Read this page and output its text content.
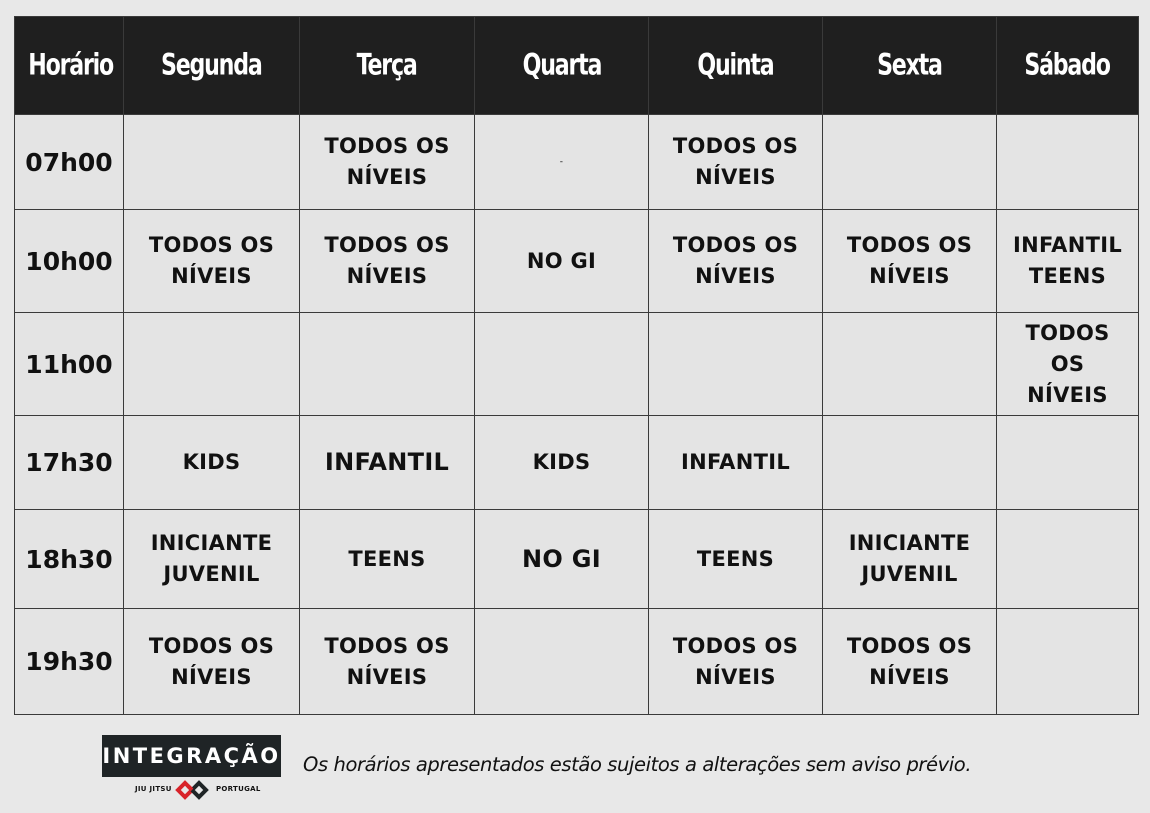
Horário	Segunda	Terça	Quarta	Quinta	Sexta	Sábado
07h00		TODOS OS NÍVEIS	-	TODOS OS NÍVEIS		
10h00	TODOS OS NÍVEIS	TODOS OS NÍVEIS	NO GI	TODOS OS NÍVEIS	TODOS OS NÍVEIS	INFANTIL TEENS
11h00						TODOS OS NÍVEIS
17h30	KIDS	INFANTIL	KIDS	INFANTIL		
18h30	INICIANTE JUVENIL	TEENS	NO GI	TEENS	INICIANTE JUVENIL	
19h30	TODOS OS NÍVEIS	TODOS OS NÍVEIS		TODOS OS NÍVEIS	TODOS OS NÍVEIS	
INTEGRAÇÃO
JIU JITSU	PORTUGAL
Os horários apresentados estão sujeitos a alterações sem aviso prévio.
